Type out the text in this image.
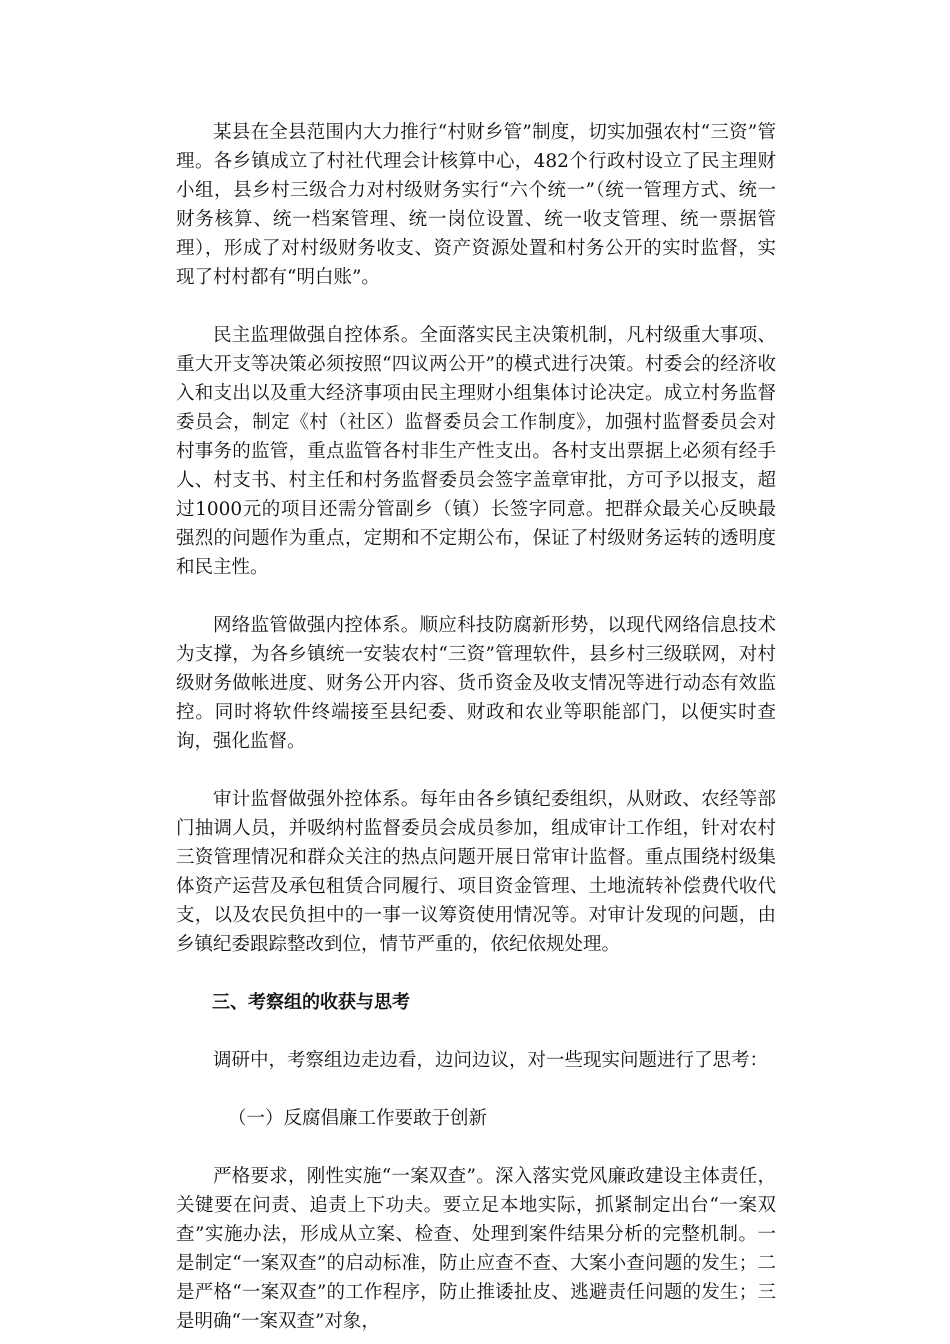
某县在全县范围内大力推行“村财乡管”制度，切实加强农村“三资”管理。各乡镇成立了村社代理会计核算中心，482个行政村设立了民主理财小组，县乡村三级合力对村级财务实行“六个统一”（统一管理方式、统一财务核算、统一档案管理、统一岗位设置、统一收支管理、统一票据管理），形成了对村级财务收支、资产资源处置和村务公开的实时监督，实现了村村都有“明白账”。

民主监理做强自控体系。全面落实民主决策机制，凡村级重大事项、重大开支等决策必须按照“四议两公开”的模式进行决策。村委会的经济收入和支出以及重大经济事项由民主理财小组集体讨论决定。成立村务监督委员会，制定《村（社区）监督委员会工作制度》，加强村监督委员会对村事务的监管，重点监管各村非生产性支出。各村支出票据上必须有经手人、村支书、村主任和村务监督委员会签字盖章审批，方可予以报支，超过1000元的项目还需分管副乡（镇）长签字同意。把群众最关心反映最强烈的问题作为重点，定期和不定期公布，保证了村级财务运转的透明度和民主性。

网络监管做强内控体系。顺应科技防腐新形势，以现代网络信息技术为支撑，为各乡镇统一安装农村“三资”管理软件，县乡村三级联网，对村级财务做帐进度、财务公开内容、货币资金及收支情况等进行动态有效监控。同时将软件终端接至县纪委、财政和农业等职能部门，以便实时查询，强化监督。

审计监督做强外控体系。每年由各乡镇纪委组织，从财政、农经等部门抽调人员，并吸纳村监督委员会成员参加，组成审计工作组，针对农村三资管理情况和群众关注的热点问题开展日常审计监督。重点围绕村级集体资产运营及承包租赁合同履行、项目资金管理、土地流转补偿费代收代支，以及农民负担中的一事一议筹资使用情况等。对审计发现的问题，由乡镇纪委跟踪整改到位，情节严重的，依纪依规处理。

三、考察组的收获与思考

调研中，考察组边走边看，边问边议，对一些现实问题进行了思考：

（一）反腐倡廉工作要敢于创新

严格要求，刚性实施“一案双查”。深入落实党风廉政建设主体责任，关键要在问责、追责上下功夫。要立足本地实际，抓紧制定出台“一案双查”实施办法，形成从立案、检查、处理到案件结果分析的完整机制。一是制定“一案双查”的启动标准，防止应查不查、大案小查问题的发生；二是严格“一案双查”的工作程序，防止推诿扯皮、逃避责任问题的发生；三是明确“一案双查”对象，
